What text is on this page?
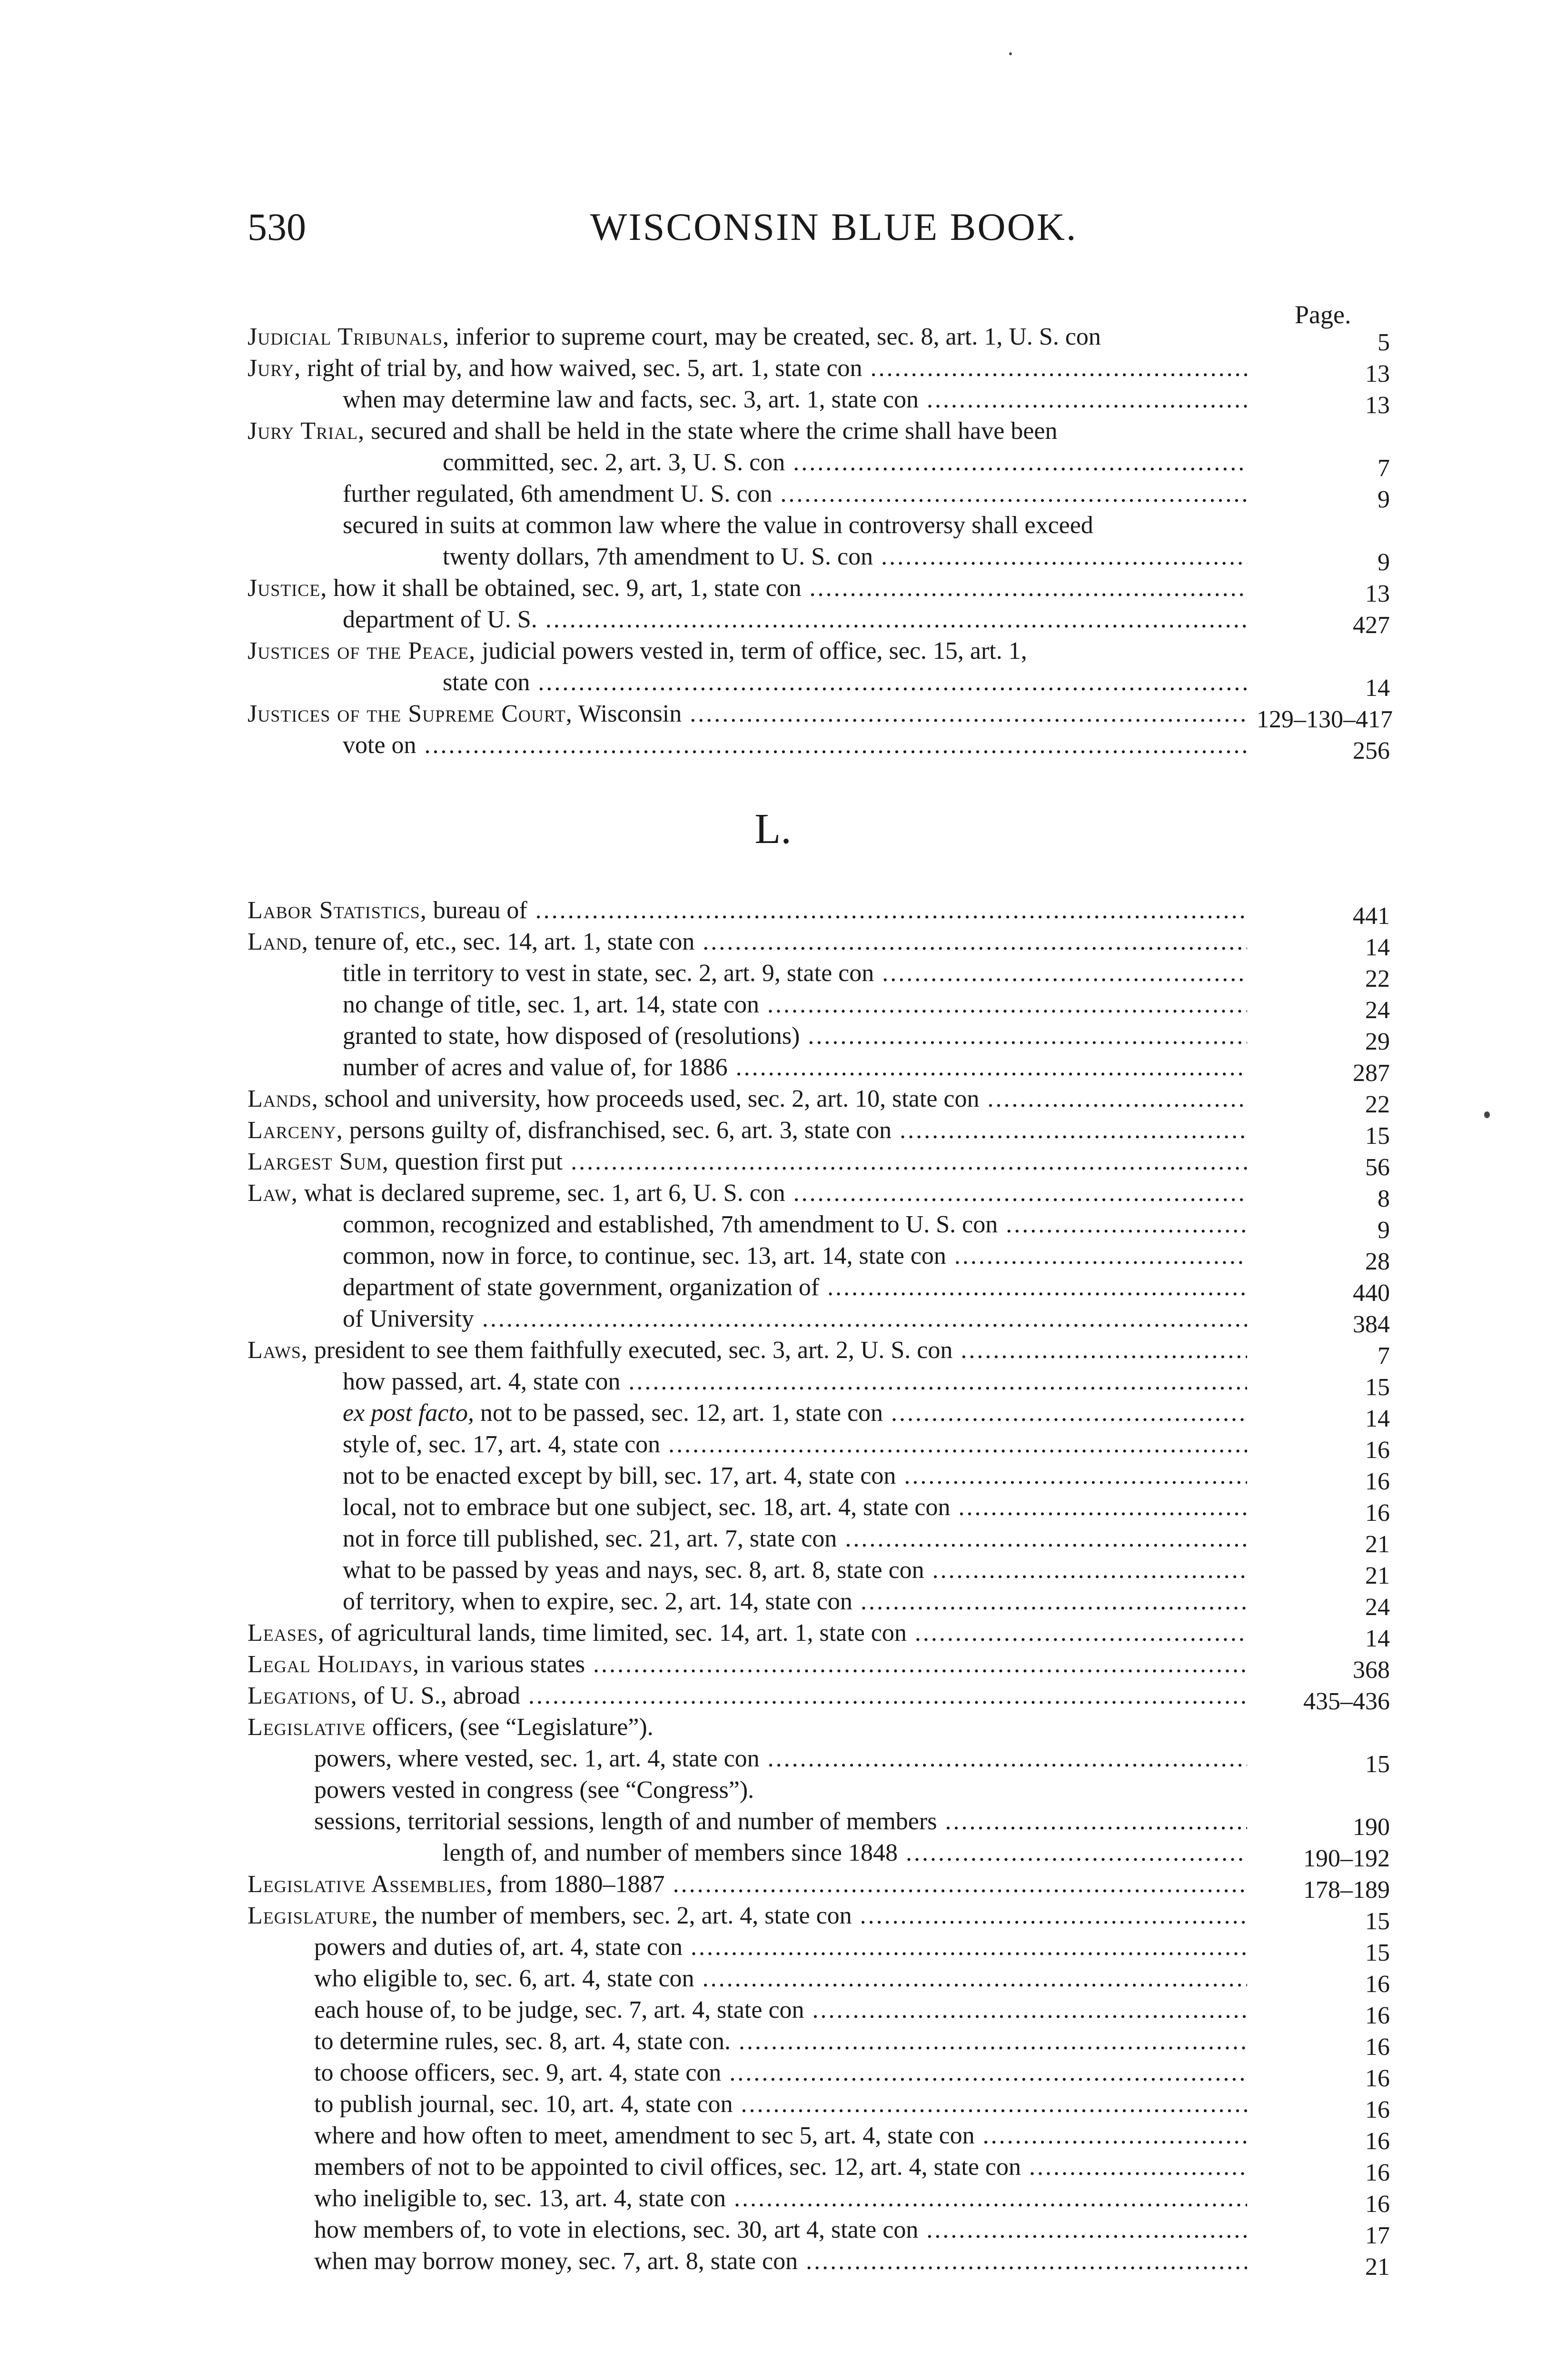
530	WISCONSIN BLUE BOOK.
Page.
Judicial Tribunals, inferior to supreme court, may be created, sec. 8, art. 1, U. S. con	5
Jury, right of trial by, and how waived, sec. 5, art. 1, state con .....	13
when may determine law and facts, sec. 3, art. 1, state con .....	13
Jury Trial, secured and shall be held in the state where the crime shall have been
committed, sec. 2, art. 3, U. S. con .....	7
further regulated, 6th amendment U. S. con .....	9
secured in suits at common law where the value in controversy shall exceed
twenty dollars, 7th amendment to U. S. con .....	9
Justice, how it shall be obtained, sec. 9, art, 1, state con .....	13
department of U. S. .....	427
Justices of the Peace, judicial powers vested in, term of office, sec. 15, art. 1,
state con .....	14
Justices of the Supreme Court, Wisconsin .....	129–130–417
vote on .....	256
L.
Labor Statistics, bureau of .....	441
Land, tenure of, etc., sec. 14, art. 1, state con .....	14
title in territory to vest in state, sec. 2, art. 9, state con .....	22
no change of title, sec. 1, art. 14, state con .....	24
granted to state, how disposed of (resolutions) .....	29
number of acres and value of, for 1886 .....	287
Lands, school and university, how proceeds used, sec. 2, art. 10, state con .....	22
Larceny, persons guilty of, disfranchised, sec. 6, art. 3, state con .....	15
Largest Sum, question first put .....	56
Law, what is declared supreme, sec. 1, art 6, U. S. con .....	8
common, recognized and established, 7th amendment to U. S. con .....	9
common, now in force, to continue, sec. 13, art. 14, state con .....	28
department of state government, organization of .....	440
of University .....	384
Laws, president to see them faithfully executed, sec. 3, art. 2, U. S. con .....	7
how passed, art. 4, state con .....	15
ex post facto, not to be passed, sec. 12, art. 1, state con .....	14
style of, sec. 17, art. 4, state con .....	16
not to be enacted except by bill, sec. 17, art. 4, state con .....	16
local, not to embrace but one subject, sec. 18, art. 4, state con .....	16
not in force till published, sec. 21, art. 7, state con .....	21
what to be passed by yeas and nays, sec. 8, art. 8, state con .....	21
of territory, when to expire, sec. 2, art. 14, state con .....	24
Leases, of agricultural lands, time limited, sec. 14, art. 1, state con .....	14
Legal Holidays, in various states .....	368
Legations, of U. S., abroad .....	435–436
Legislative officers, (see “Legislature”).
powers, where vested, sec. 1, art. 4, state con .....	15
powers vested in congress (see “Congress”).
sessions, territorial sessions, length of and number of members .....	190
length of, and number of members since 1848 .....	190–192
Legislative Assemblies, from 1880–1887 .....	178–189
Legislature, the number of members, sec. 2, art. 4, state con .....	15
powers and duties of, art. 4, state con .....	15
who eligible to, sec. 6, art. 4, state con .....	16
each house of, to be judge, sec. 7, art. 4, state con .....	16
to determine rules, sec. 8, art. 4, state con. .....	16
to choose officers, sec. 9, art. 4, state con .....	16
to publish journal, sec. 10, art. 4, state con .....	16
where and how often to meet, amendment to sec 5, art. 4, state con .....	16
members of not to be appointed to civil offices, sec. 12, art. 4, state con .....	16
who ineligible to, sec. 13, art. 4, state con .....	16
how members of, to vote in elections, sec. 30, art 4, state con .....	17
when may borrow money, sec. 7, art. 8, state con .....	21
